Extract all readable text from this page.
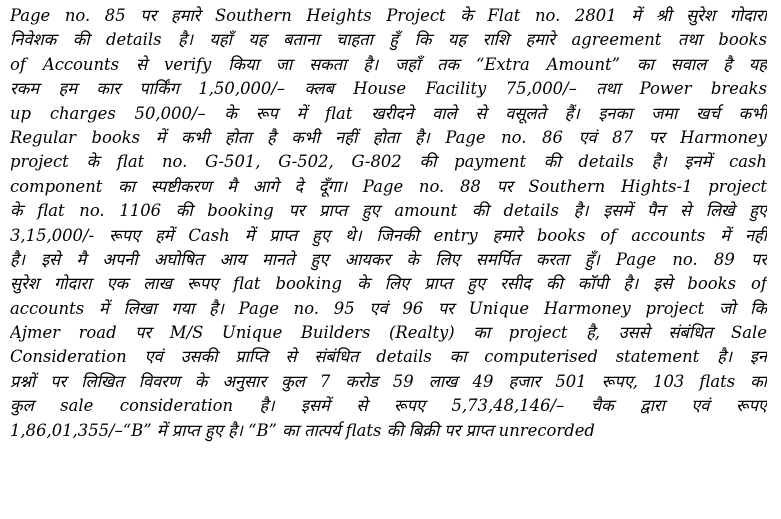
Page no. 85 पर हमारे Southern Heights Project के Flat no. 2801 में श्री सुरेश गोदारा
निवेशक की details है। यहाँ यह बताना चाहता हुँ कि यह राशि हमारे agreement तथा books
of Accounts से verify किया जा सकता है। जहाँ तक “Extra Amount” का सवाल है यह
रकम हम कार पार्किंग 1,50,000/– क्लब House Facility 75,000/– तथा Power breaks
up charges 50,000/– के रूप में flat खरीदने वाले से वसूलते हैं। इनका जमा खर्च कभी
Regular books में कभी होता है कभी नहीं होता है। Page no. 86 एवं 87 पर Harmoney
project के flat no. G-501, G-502, G-802 की payment की details है। इनमें cash
component का स्पष्टीकरण मै आगे दे दूँगा। Page no. 88 पर Southern Hights-1 project
के flat no. 1106 की booking पर प्राप्त हुए amount की details है। इसमें पैन से लिखे हुए
3,15,000/- रूपए हमें Cash में प्राप्त हुए थे। जिनकी entry हमारे books of accounts में नहीं
है। इसे मै अपनी अघोषित आय मानते हुए आयकर के लिए समर्पित करता हुँ। Page no. 89 पर
सुरेश गोदारा एक लाख रूपए flat booking के लिए प्राप्त हुए रसीद की कॉपी है। इसे books of
accounts में लिखा गया है। Page no. 95 एवं 96 पर Unique Harmoney project जो कि
Ajmer road पर M/S Unique Builders (Realty) का project है, उससे संबंधित Sale
Consideration एवं उसकी प्राप्ति से संबंधित details का computerised statement है। इन
प्रश्नों पर लिखित विवरण के अनुसार कुल 7 करोड 59 लाख 49 हजार 501 रूपए, 103 flats का
कुल sale consideration है। इसमें से रूपए 5,73,48,146/– चैक द्वारा एवं रूपए
1,86,01,355/–“B” में प्राप्त हुए है। “B” का तात्पर्य flats की बिक्री पर प्राप्त unrecorded
